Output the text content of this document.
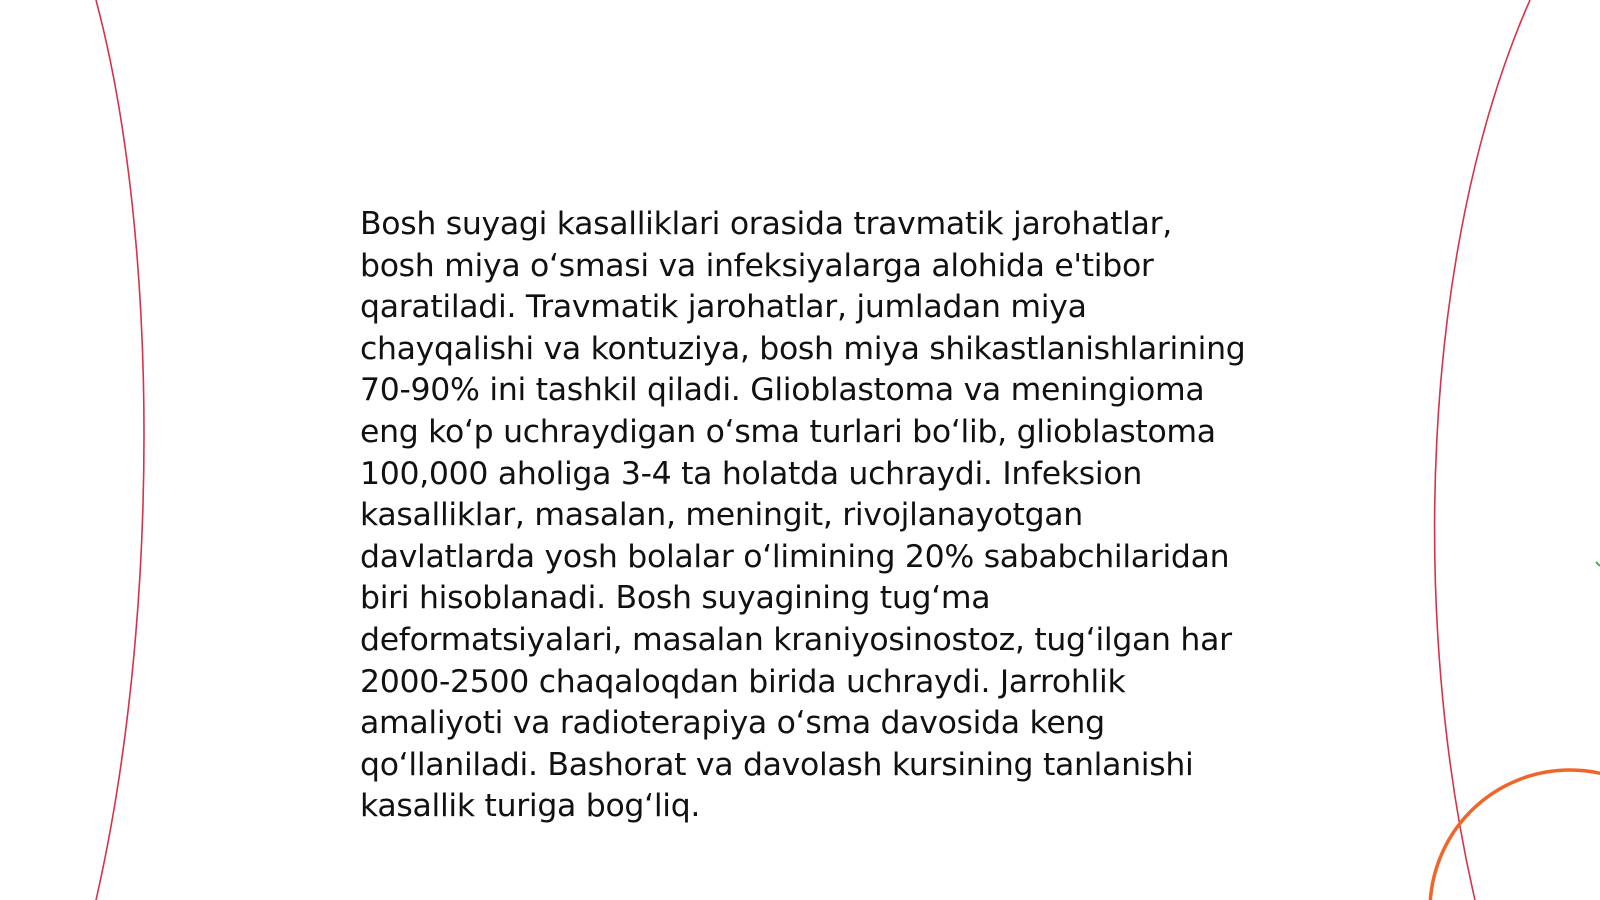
Bosh suyagi kasalliklari orasida travmatik jarohatlar, bosh miya o‘smasi va infeksiyalarga alohida e'tibor qaratiladi. Travmatik jarohatlar, jumladan miya chayqalishi va kontuziya, bosh miya shikastlanishlarining 70-90% ini tashkil qiladi. Glioblastoma va meningioma eng ko‘p uchraydigan o‘sma turlari bo‘lib, glioblastoma 100,000 aholiga 3-4 ta holatda uchraydi. Infeksion kasalliklar, masalan, meningit, rivojlanayotgan davlatlarda yosh bolalar o‘limining 20% sababchilaridan biri hisoblanadi. Bosh suyagining tug‘ma deformatsiyalari, masalan kraniyosinostoz, tug‘ilgan har 2000-2500 chaqaloqdan birida uchraydi. Jarrohlik amaliyoti va radioterapiya o‘sma davosida keng qo‘llaniladi. Bashorat va davolash kursining tanlanishi kasallik turiga bog‘liq.
